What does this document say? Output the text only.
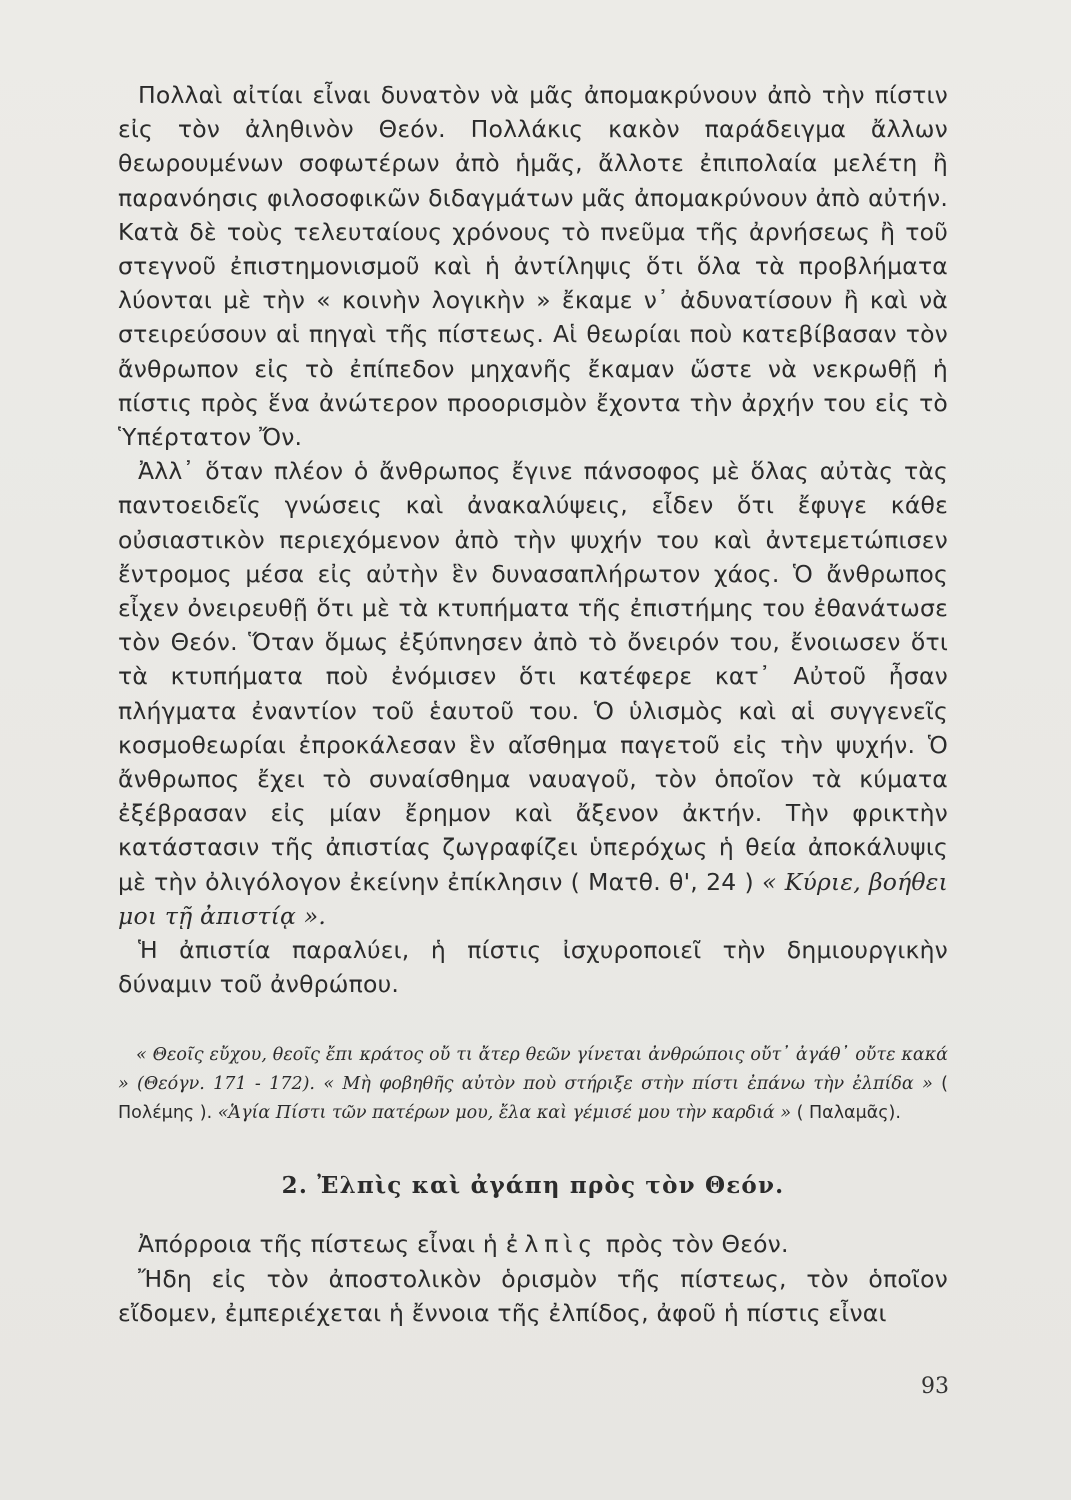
Πολλαὶ αἰτίαι εἶναι δυνατὸν νὰ μᾶς ἀπομακρύνουν ἀπὸ τὴν πίστιν εἰς τὸν ἀληθινὸν Θεόν. Πολλάκις κακὸν παράδειγμα ἄλλων θεωρουμένων σοφωτέρων ἀπὸ ἡμᾶς, ἄλλοτε ἐπιπολαία μελέτη ἢ παρανόησις φιλοσοφικῶν διδαγμάτων μᾶς ἀπομακρύνουν ἀπὸ αὐτήν. Κατὰ δὲ τοὺς τελευταίους χρόνους τὸ πνεῦμα τῆς ἀρνήσεως ἢ τοῦ στεγνοῦ ἐπιστημονισμοῦ καὶ ἡ ἀντίληψις ὅτι ὅλα τὰ προβλήματα λύονται μὲ τὴν « κοινὴν λογικὴν » ἔκαμε ν᾽ ἀδυνατίσουν ἢ καὶ νὰ στειρεύσουν αἱ πηγαὶ τῆς πίστεως. Αἱ θεωρίαι ποὺ κατεβίβασαν τὸν ἄνθρωπον εἰς τὸ ἐπίπεδον μηχανῆς ἔκαμαν ὥστε νὰ νεκρωθῇ ἡ πίστις πρὸς ἕνα ἀνώτερον προορισμὸν ἔχοντα τὴν ἀρχήν του εἰς τὸ Ὑπέρτατον Ὄν.

Ἀλλ᾽ ὅταν πλέον ὁ ἄνθρωπος ἔγινε πάνσοφος μὲ ὅλας αὐτὰς τὰς παντοειδεῖς γνώσεις καὶ ἀνακαλύψεις, εἶδεν ὅτι ἔφυγε κάθε οὐσιαστικὸν περιεχόμενον ἀπὸ τὴν ψυχήν του καὶ ἀντεμετώπισεν ἔντρομος μέσα εἰς αὐτὴν ἓν δυνασαπλήρωτον χάος. Ὁ ἄνθρωπος εἶχεν ὀνειρευθῇ ὅτι μὲ τὰ κτυπήματα τῆς ἐπιστήμης του ἐθανάτωσε τὸν Θεόν. Ὅταν ὅμως ἐξύπνησεν ἀπὸ τὸ ὄνειρόν του, ἔνοιωσεν ὅτι τὰ κτυπήματα ποὺ ἐνόμισεν ὅτι κατέφερε κατ᾽ Αὐτοῦ ἦσαν πλήγματα ἐναντίον τοῦ ἑαυτοῦ του. Ὁ ὑλισμὸς καὶ αἱ συγγενεῖς κοσμοθεωρίαι ἐπροκάλεσαν ἓν αἴσθημα παγετοῦ εἰς τὴν ψυχήν. Ὁ ἄνθρωπος ἔχει τὸ συναίσθημα ναυαγοῦ, τὸν ὁποῖον τὰ κύματα ἐξέβρασαν εἰς μίαν ἔρημον καὶ ἄξενον ἀκτήν. Τὴν φρικτὴν κατάστασιν τῆς ἀπιστίας ζωγραφίζει ὑπερόχως ἡ θεία ἀποκάλυψις μὲ τὴν ὀλιγόλογον ἐκείνην ἐπίκλησιν ( Ματθ. θ', 24 ) « Κύριε, βοήθει μοι τῇ ἀπιστίᾳ ».

Ἡ ἀπιστία παραλύει, ἡ πίστις ἰσχυροποιεῖ τὴν δημιουργικὴν δύναμιν τοῦ ἀνθρώπου.

« Θεοῖς εὔχου, θεοῖς ἔπι κράτος οὔ τι ἄτερ θεῶν γίνεται ἀνθρώποις οὔτ᾽ ἀγάθ᾽ οὔτε κακά » (Θεόγν. 171 - 172). « Μὴ φοβηθῆς αὐτὸν ποὺ στήριξε στὴν πίστι ἐπάνω τὴν ἐλπίδα » ( Πολέμης ). «Ἁγία Πίστι τῶν πατέρων μου, ἔλα καὶ γέμισέ μου τὴν καρδιά » ( Παλαμᾶς).

2. Ἐλπὶς καὶ ἀγάπη πρὸς τὸν Θεόν.

Ἀπόρροια τῆς πίστεως εἶναι ἡ ἐλπὶς πρὸς τὸν Θεόν.

Ἤδη εἰς τὸν ἀποστολικὸν ὁρισμὸν τῆς πίστεως, τὸν ὁποῖον εἴδομεν, ἐμπεριέχεται ἡ ἔννοια τῆς ἐλπίδος, ἀφοῦ ἡ πίστις εἶναι

93
